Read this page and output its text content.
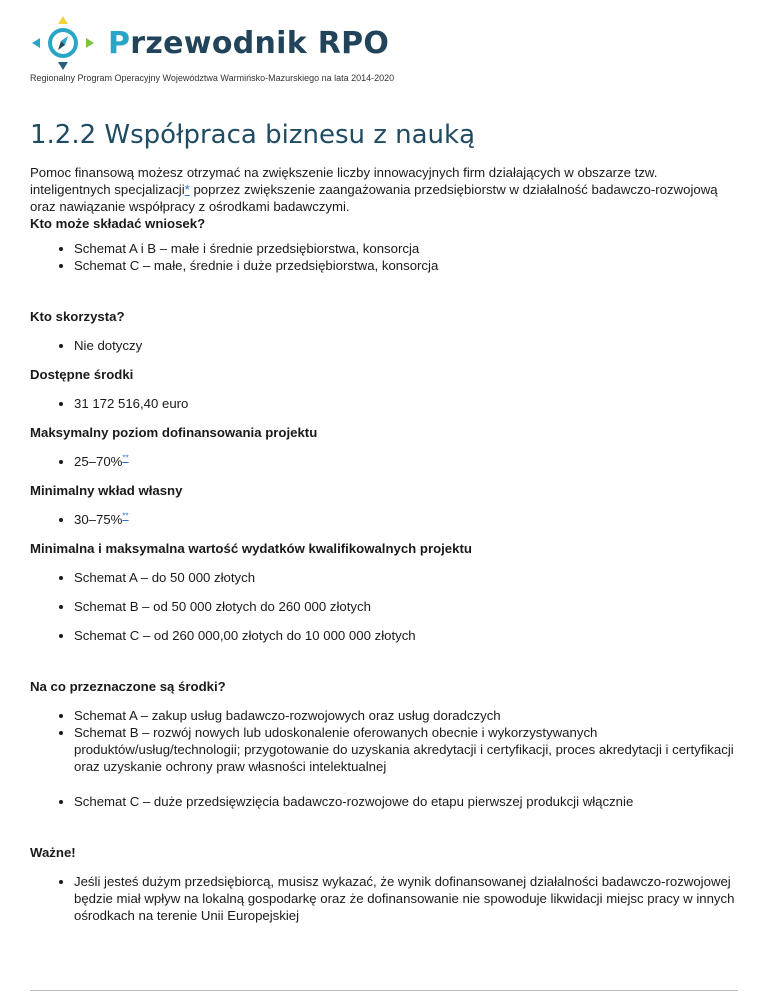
Przewodnik RPO
Regionalny Program Operacyjny Województwa Warmińsko-Mazurskiego na lata 2014-2020
1.2.2 Współpraca biznesu z nauką

Pomoc finansową możesz otrzymać na zwiększenie liczby innowacyjnych firm działających w obszarze tzw. inteligentnych specjalizacji* poprzez zwiększenie zaangażowania przedsiębiorstw w działalność badawczo-rozwojową oraz nawiązanie współpracy z ośrodkami badawczymi.

Kto może składać wniosek?

• Schemat A i B – małe i średnie przedsiębiorstwa, konsorcja
• Schemat C – małe, średnie i duże przedsiębiorstwa, konsorcja

Kto skorzysta?

• Nie dotyczy

Dostępne środki

• 31 172 516,40 euro

Maksymalny poziom dofinansowania projektu

• 25–70%**

Minimalny wkład własny

• 30–75%**

Minimalna i maksymalna wartość wydatków kwalifikowalnych projektu

• Schemat A – do 50 000 złotych
• Schemat B – od 50 000 złotych do 260 000 złotych
• Schemat C – od 260 000,00 złotych do 10 000 000 złotych

Na co przeznaczone są środki?

• Schemat A – zakup usług badawczo-rozwojowych oraz usług doradczych
• Schemat B – rozwój nowych lub udoskonalenie oferowanych obecnie i wykorzystywanych produktów/usług/technologii; przygotowanie do uzyskania akredytacji i certyfikacji, proces akredytacji i certyfikacji oraz uzyskanie ochrony praw własności intelektualnej
• Schemat C – duże przedsięwzięcia badawczo-rozwojowe do etapu pierwszej produkcji włącznie

Ważne!

• Jeśli jesteś dużym przedsiębiorcą, musisz wykazać, że wynik dofinansowanej działalności badawczo-rozwojowej będzie miał wpływ na lokalną gospodarkę oraz że dofinansowanie nie spowoduje likwidacji miejsc pracy w innych ośrodkach na terenie Unii Europejskiej
